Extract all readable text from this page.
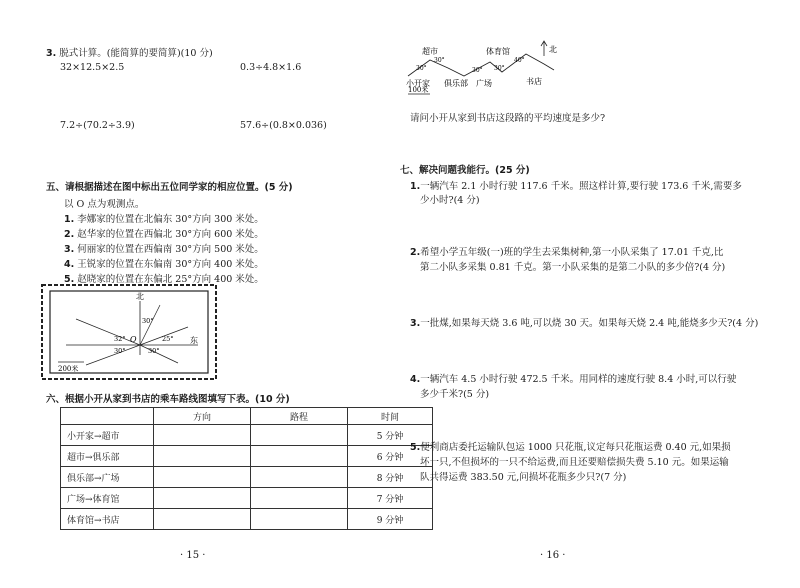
3. 脱式计算。(能简算的要简算)(10 分)
32×12.5×2.5	0.3÷4.8×1.6
7.2÷(70.2÷3.9)	57.6÷(0.8×0.036)
五、请根据描述在图中标出五位同学家的相应位置。(5 分)
以 O 点为观测点。
1. 李娜家的位置在北偏东 30°方向 300 米处。
2. 赵华家的位置在西偏北 30°方向 600 米处。
3. 何丽家的位置在西偏南 30°方向 500 米处。
4. 王锐家的位置在东偏南 30°方向 400 米处。
5. 赵晓家的位置在东偏北 25°方向 400 米处。
北
东
O
30°
32°	25°
30°	30°
200米
六、根据小开从家到书店的乘车路线图填写下表。(10 分)
	方向	路程	时间
小开家→超市			5 分钟
超市→俱乐部			6 分钟
俱乐部→广场			8 分钟
广场→体育馆			7 分钟
体育馆→书店			9 分钟
· 15 ·
超市	体育馆
小开家 俱乐部 广场	书店
30°
30°
30° 30°
40°
北
100米
请问小开从家到书店这段路的平均速度是多少?
七、解决问题我能行。(25 分)
1.一辆汽车 2.1 小时行驶 117.6 千米。照这样计算,要行驶 173.6 千米,需要多
少小时?(4 分)
2.希望小学五年级(一)班的学生去采集树种,第一小队采集了 17.01 千克,比
第二小队多采集 0.81 千克。第一小队采集的是第二小队的多少倍?(4 分)
3.一批煤,如果每天烧 3.6 吨,可以烧 30 天。如果每天烧 2.4 吨,能烧多少天?(4 分)
4.一辆汽车 4.5 小时行驶 472.5 千米。用同样的速度行驶 8.4 小时,可以行驶
多少千米?(5 分)
5.便利商店委托运输队包运 1000 只花瓶,议定每只花瓶运费 0.40 元,如果损
坏一只,不但损坏的一只不给运费,而且还要赔偿损失费 5.10 元。如果运输
队共得运费 383.50 元,问损坏花瓶多少只?(7 分)
· 16 ·
